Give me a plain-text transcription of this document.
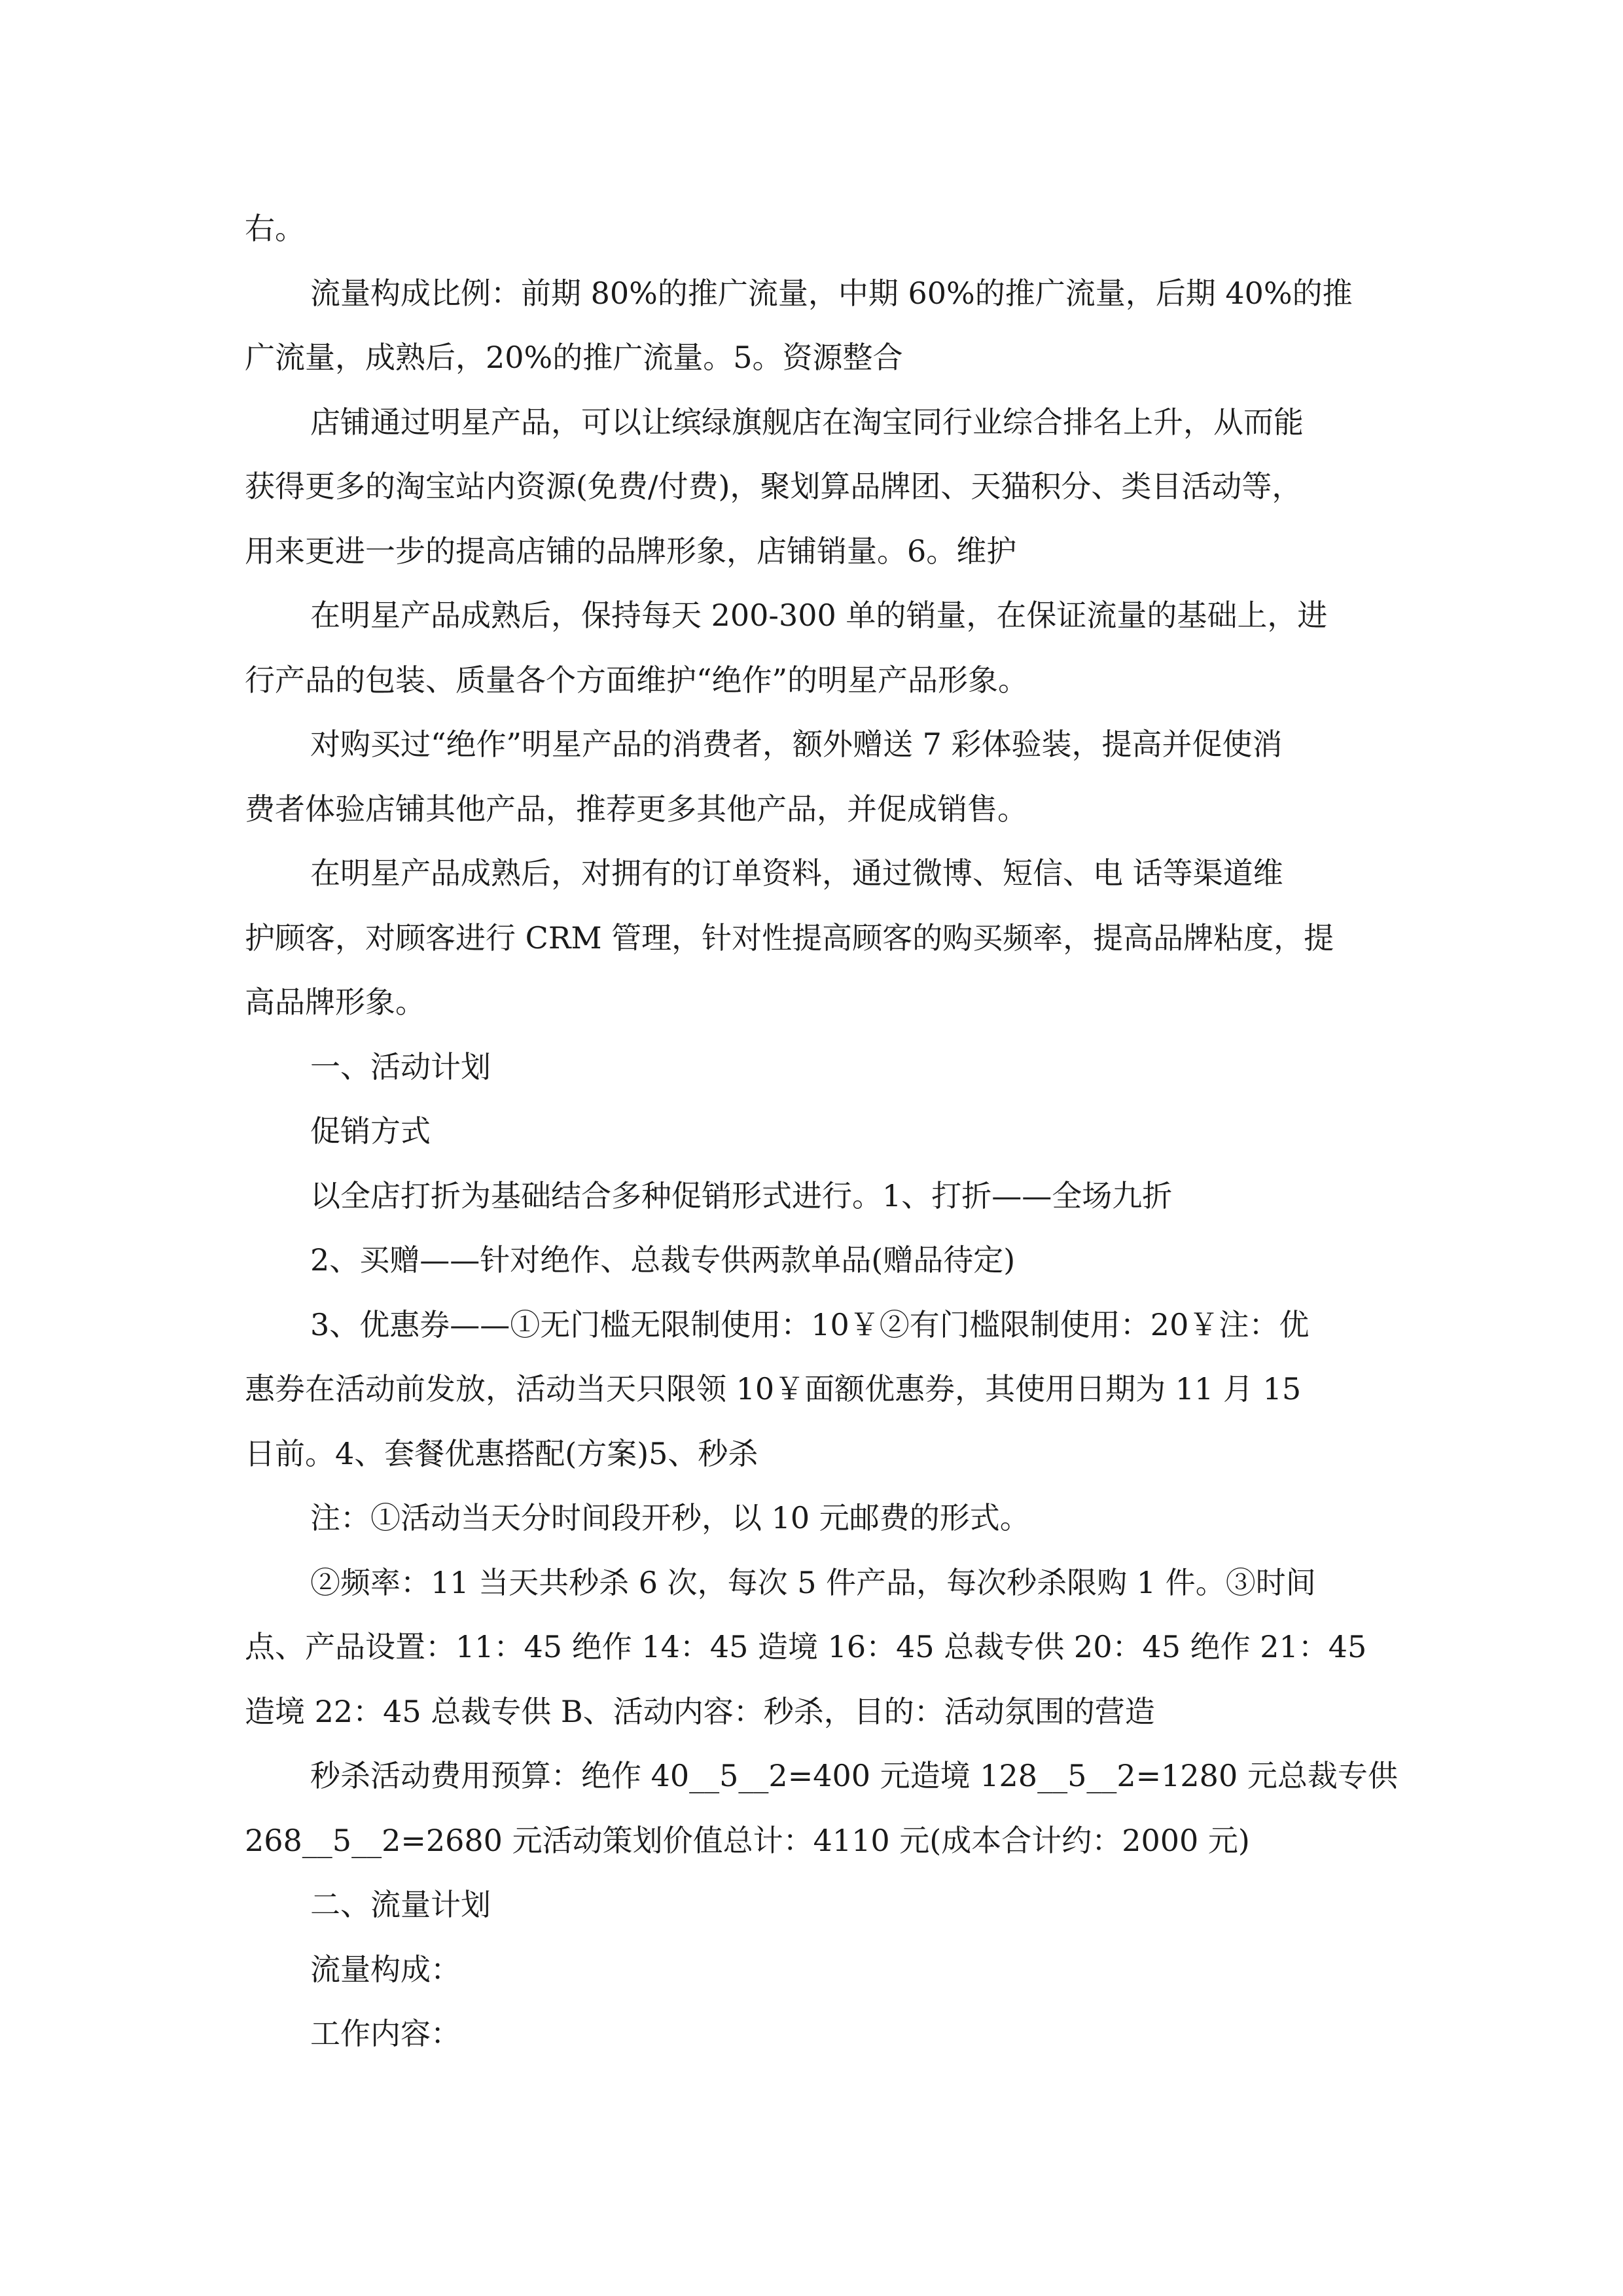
右。

流量构成比例：前期 80%的推广流量，中期 60%的推广流量，后期 40%的推

广流量，成熟后，20%的推广流量。5。资源整合

店铺通过明星产品，可以让缤绿旗舰店在淘宝同行业综合排名上升，从而能

获得更多的淘宝站内资源(免费/付费)，聚划算品牌团、天猫积分、类目活动等，

用来更进一步的提高店铺的品牌形象，店铺销量。6。维护

在明星产品成熟后，保持每天 200-300 单的销量，在保证流量的基础上，进

行产品的包装、质量各个方面维护“绝作”的明星产品形象。

对购买过“绝作”明星产品的消费者，额外赠送 7 彩体验装，提高并促使消

费者体验店铺其他产品，推荐更多其他产品，并促成销售。

在明星产品成熟后，对拥有的订单资料，通过微博、短信、电 话等渠道维

护顾客，对顾客进行 CRM 管理，针对性提高顾客的购买频率，提高品牌粘度，提

高品牌形象。

一、活动计划

促销方式

以全店打折为基础结合多种促销形式进行。1、打折——全场九折

2、买赠——针对绝作、总裁专供两款单品(赠品待定)

3、优惠券——①无门槛无限制使用：10￥②有门槛限制使用：20￥注：优

惠券在活动前发放，活动当天只限领 10￥面额优惠券，其使用日期为 11 月 15

日前。4、套餐优惠搭配(方案)5、秒杀

注：①活动当天分时间段开秒，以 10 元邮费的形式。

②频率：11 当天共秒杀 6 次，每次 5 件产品，每次秒杀限购 1 件。③时间

点、产品设置：11：45 绝作 14：45 造境 16：45 总裁专供 20：45 绝作 21：45

造境 22：45 总裁专供 B、活动内容：秒杀，目的：活动氛围的营造

秒杀活动费用预算：绝作 40__5__2=400 元造境 128__5__2=1280 元总裁专供

268__5__2=2680 元活动策划价值总计：4110 元(成本合计约：2000 元)

二、流量计划

流量构成：

工作内容：
